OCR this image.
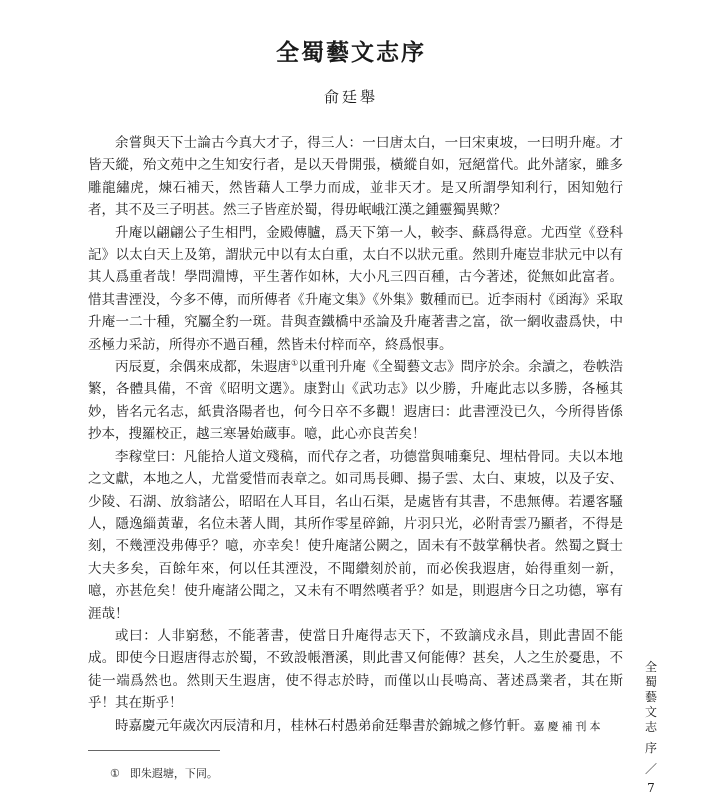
全蜀藝文志序
俞廷舉

余嘗與天下士論古今真大才子，得三人：一曰唐太白，一曰宋東坡，一曰明升庵。才皆天縱，殆文苑中之生知安行者，是以天骨開張，橫縱自如，冠絕當代。此外諸家，雖多雕龍繡虎，煉石補天，然皆藉人工學力而成，並非天才。是又所謂學知利行，困知勉行者，其不及三子明甚。然三子皆産於蜀，得毋岷峨江漢之鍾靈獨異歟？

升庵以翩翩公子生相門，金殿傳臚，爲天下第一人，較李、蘇爲得意。尤西堂《登科記》以太白天上及第，謂狀元中以有太白重，太白不以狀元重。然則升庵豈非狀元中以有其人爲重者哉！學問淵博，平生著作如林，大小凡三四百種，古今著述，從無如此富者。惜其書湮没，今多不傳，而所傳者《升庵文集》《外集》數種而已。近李雨村《函海》采取升庵一二十種，究屬全豹一斑。昔與查鐵橋中丞論及升庵著書之富，欲一網收盡爲快，中丞極力采訪，所得亦不過百種，然皆未付梓而卒，終爲恨事。

丙辰夏，余偶來成都，朱遐唐①以重刊升庵《全蜀藝文志》問序於余。余讀之，卷帙浩繁，各體具備，不啻《昭明文選》。康對山《武功志》以少勝，升庵此志以多勝，各極其妙，皆名元名志，紙貴洛陽者也，何今日卒不多觀！遐唐曰：此書湮没已久，今所得皆係抄本，搜羅校正，越三寒暑始蔵事。噫，此心亦良苦矣！

李稼堂曰：凡能拾人道文殘稿，而代存之者，功德當與哺棄兒、埋枯骨同。夫以本地之文獻，本地之人，尤當愛惜而表章之。如司馬長卿、揚子雲、太白、東坡，以及子安、少陵、石湖、放翁諸公，昭昭在人耳目，名山石渠，是處皆有其書，不患無傳。若遷客騷人，隱逸緇黃輩，名位未著人間，其所作零星碎錦，片羽只光，必附青雲乃顯者，不得是刻，不幾湮没弗傳乎？噫，亦幸矣！使升庵諸公闕之，固未有不鼓掌稱快者。然蜀之賢士大夫多矣，百餘年來，何以任其湮没，不聞纘刻於前，而必俟我遐唐，始得重刻一新，噫，亦甚危矣！使升庵諸公聞之，又未有不喟然嘆者乎？如是，則遐唐今日之功德，寧有涯哉！

或曰：人非窮愁，不能著書，使當日升庵得志天下，不致謫戍永昌，則此書固不能成。即使今日遐唐得志於蜀，不致設帳潛溪，則此書又何能傳？甚矣，人之生於憂患，不徒一端爲然也。然則天生遐唐，使不得志於時，而僅以山長鳴高、著述爲業者，其在斯乎！其在斯乎！

時嘉慶元年歲次丙辰清和月，桂林石村愚弟俞廷舉書於錦城之修竹軒。嘉慶補刊本

① 即朱遐塘，下同。
全
蜀
藝
文
志
序
／
7
